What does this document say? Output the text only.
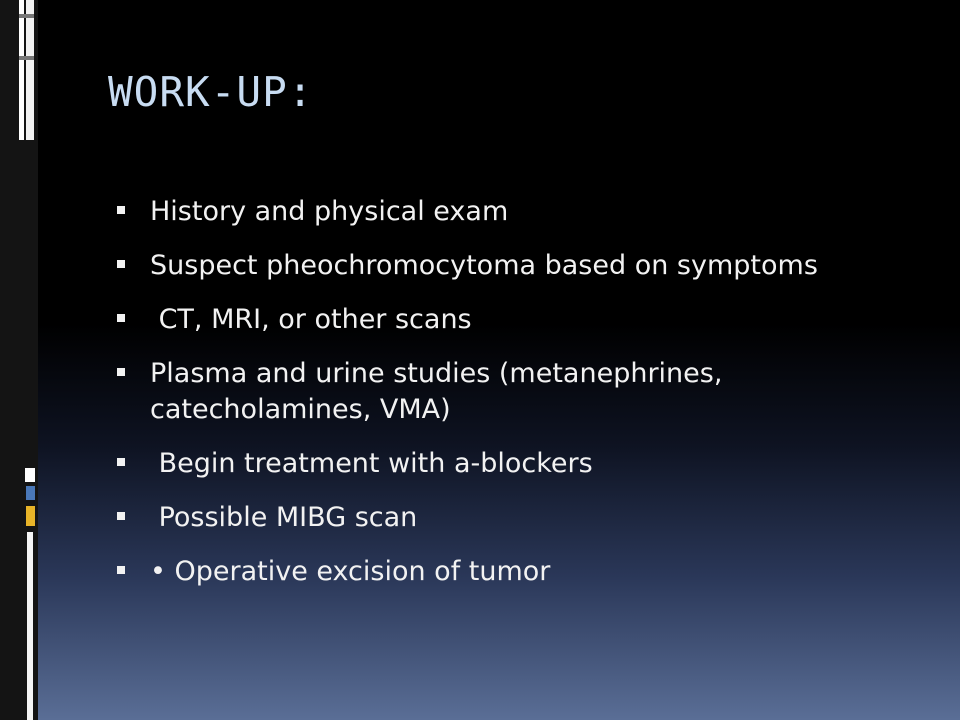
WORK-UP:
History and physical exam
Suspect pheochromocytoma based on symptoms
CT, MRI, or other scans
Plasma and urine studies (metanephrines, catecholamines, VMA)
Begin treatment with a-blockers
Possible MIBG scan
• Operative excision of tumor
